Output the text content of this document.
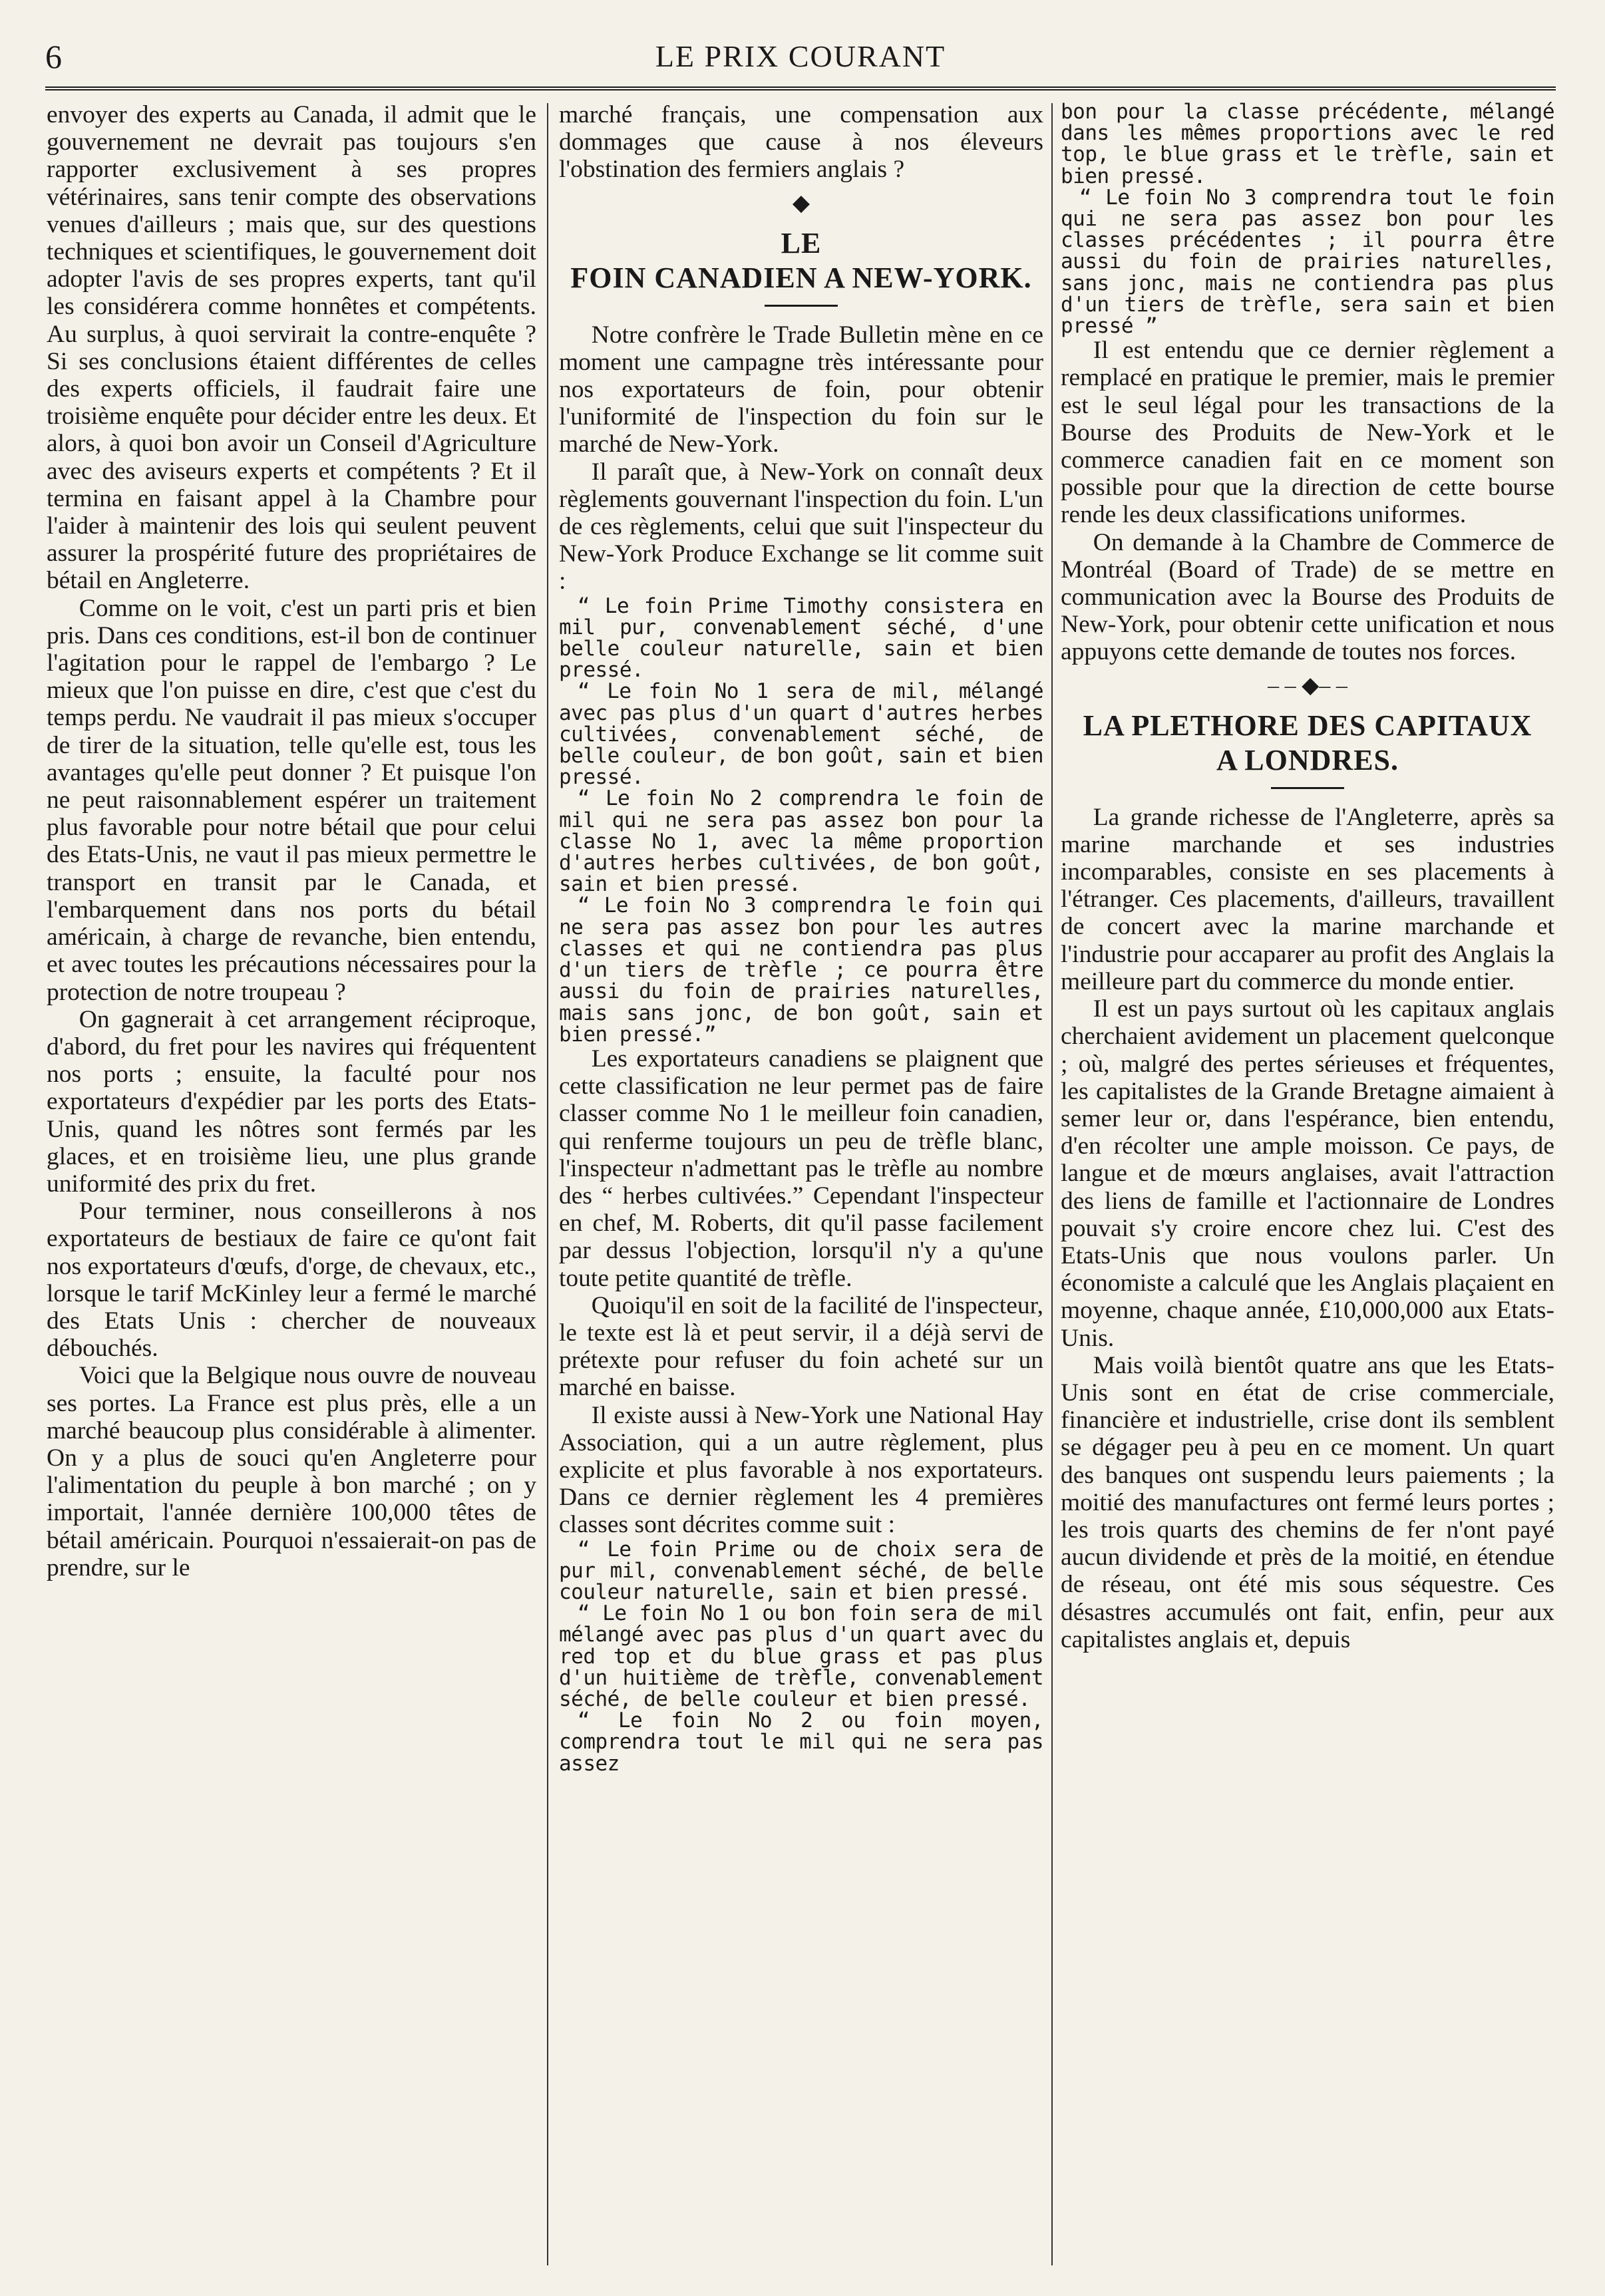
6	LE PRIX COURANT

envoyer des experts au Canada, il admit que le gouvernement ne devrait pas toujours s'en rapporter exclusivement à ses propres vétérinaires, sans tenir compte des observations venues d'ailleurs ; mais que, sur des questions techniques et scientifiques, le gouvernement doit adopter l'avis de ses propres experts, tant qu'il les considérera comme honnêtes et compétents. Au surplus, à quoi servirait la contre-enquête ? Si ses conclusions étaient différentes de celles des experts officiels, il faudrait faire une troisième enquête pour décider entre les deux. Et alors, à quoi bon avoir un Conseil d'Agriculture avec des aviseurs experts et compétents ? Et il termina en faisant appel à la Chambre pour l'aider à maintenir des lois qui seulent peuvent assurer la prospérité future des propriétaires de bétail en Angleterre.

Comme on le voit, c'est un parti pris et bien pris. Dans ces conditions, est-il bon de continuer l'agitation pour le rappel de l'embargo ? Le mieux que l'on puisse en dire, c'est que c'est du temps perdu. Ne vaudrait il pas mieux s'occuper de tirer de la situation, telle qu'elle est, tous les avantages qu'elle peut donner ? Et puisque l'on ne peut raisonnablement espérer un traitement plus favorable pour notre bétail que pour celui des Etats-Unis, ne vaut il pas mieux permettre le transport en transit par le Canada, et l'embarquement dans nos ports du bétail américain, à charge de revanche, bien entendu, et avec toutes les précautions nécessaires pour la protection de notre troupeau ?

On gagnerait à cet arrangement réciproque, d'abord, du fret pour les navires qui fréquentent nos ports ; ensuite, la faculté pour nos exportateurs d'expédier par les ports des Etats-Unis, quand les nôtres sont fermés par les glaces, et en troisième lieu, une plus grande uniformité des prix du fret.

Pour terminer, nous conseillerons à nos exportateurs de bestiaux de faire ce qu'ont fait nos exportateurs d'œufs, d'orge, de chevaux, etc., lorsque le tarif McKinley leur a fermé le marché des Etats Unis : chercher de nouveaux débouchés.

Voici que la Belgique nous ouvre de nouveau ses portes. La France est plus près, elle a un marché beaucoup plus considérable à alimenter. On y a plus de souci qu'en Angleterre pour l'alimentation du peuple à bon marché ; on y importait, l'année dernière 100,000 têtes de bétail américain. Pourquoi n'essaierait-on pas de prendre, sur le

marché français, une compensation aux dommages que cause à nos éleveurs l'obstination des fermiers anglais ?

◆
LE
FOIN CANADIEN A NEW-YORK.

Notre confrère le Trade Bulletin mène en ce moment une campagne très intéressante pour nos exportateurs de foin, pour obtenir l'uniformité de l'inspection du foin sur le marché de New-York.

Il paraît que, à New-York on connaît deux règlements gouvernant l'inspection du foin. L'un de ces règlements, celui que suit l'inspecteur du New-York Produce Exchange se lit comme suit :

“ Le foin Prime Timothy consistera en mil pur, convenablement séché, d'une belle couleur naturelle, sain et bien pressé.

“ Le foin No 1 sera de mil, mélangé avec pas plus d'un quart d'autres herbes cultivées, convenablement séché, de belle couleur, de bon goût, sain et bien pressé.

“ Le foin No 2 comprendra le foin de mil qui ne sera pas assez bon pour la classe No 1, avec la même proportion d'autres herbes cultivées, de bon goût, sain et bien pressé.

“ Le foin No 3 comprendra le foin qui ne sera pas assez bon pour les autres classes et qui ne contiendra pas plus d'un tiers de trèfle ; ce pourra être aussi du foin de prairies naturelles, mais sans jonc, de bon goût, sain et bien pressé.”

Les exportateurs canadiens se plaignent que cette classification ne leur permet pas de faire classer comme No 1 le meilleur foin canadien, qui renferme toujours un peu de trèfle blanc, l'inspecteur n'admettant pas le trèfle au nombre des “ herbes cultivées.” Cependant l'inspecteur en chef, M. Roberts, dit qu'il passe facilement par dessus l'objection, lorsqu'il n'y a qu'une toute petite quantité de trèfle.

Quoiqu'il en soit de la facilité de l'inspecteur, le texte est là et peut servir, il a déjà servi de prétexte pour refuser du foin acheté sur un marché en baisse.

Il existe aussi à New-York une National Hay Association, qui a un autre règlement, plus explicite et plus favorable à nos exportateurs. Dans ce dernier règlement les 4 premières classes sont décrites comme suit :

“ Le foin Prime ou de choix sera de pur mil, convenablement séché, de belle couleur naturelle, sain et bien pressé.

“ Le foin No 1 ou bon foin sera de mil mélangé avec pas plus d'un quart avec du red top et du blue grass et pas plus d'un huitième de trèfle, convenablement séché, de belle couleur et bien pressé.

“ Le foin No 2 ou foin moyen, comprendra tout le mil qui ne sera pas assez

bon pour la classe précédente, mélangé dans les mêmes proportions avec le red top, le blue grass et le trèfle, sain et bien pressé.

“ Le foin No 3 comprendra tout le foin qui ne sera pas assez bon pour les classes précédentes ; il pourra être aussi du foin de prairies naturelles, sans jonc, mais ne contiendra pas plus d'un tiers de trèfle, sera sain et bien pressé ”

Il est entendu que ce dernier règlement a remplacé en pratique le premier, mais le premier est le seul légal pour les transactions de la Bourse des Produits de New-York et le commerce canadien fait en ce moment son possible pour que la direction de cette bourse rende les deux classifications uniformes.

On demande à la Chambre de Commerce de Montréal (Board of Trade) de se mettre en communication avec la Bourse des Produits de New-York, pour obtenir cette unification et nous appuyons cette demande de toutes nos forces.

– – ◆– –
LA PLETHORE DES CAPITAUX
A LONDRES.

La grande richesse de l'Angleterre, après sa marine marchande et ses industries incomparables, consiste en ses placements à l'étranger. Ces placements, d'ailleurs, travaillent de concert avec la marine marchande et l'industrie pour accaparer au profit des Anglais la meilleure part du commerce du monde entier.

Il est un pays surtout où les capitaux anglais cherchaient avidement un placement quelconque ; où, malgré des pertes sérieuses et fréquentes, les capitalistes de la Grande Bretagne aimaient à semer leur or, dans l'espérance, bien entendu, d'en récolter une ample moisson. Ce pays, de langue et de mœurs anglaises, avait l'attraction des liens de famille et l'actionnaire de Londres pouvait s'y croire encore chez lui. C'est des Etats-Unis que nous voulons parler. Un économiste a calculé que les Anglais plaçaient en moyenne, chaque année, £10,000,000 aux Etats-Unis.

Mais voilà bientôt quatre ans que les Etats-Unis sont en état de crise commerciale, financière et industrielle, crise dont ils semblent se dégager peu à peu en ce moment. Un quart des banques ont suspendu leurs paiements ; la moitié des manufactures ont fermé leurs portes ; les trois quarts des chemins de fer n'ont payé aucun dividende et près de la moitié, en étendue de réseau, ont été mis sous séquestre. Ces désastres accumulés ont fait, enfin, peur aux capitalistes anglais et, depuis
